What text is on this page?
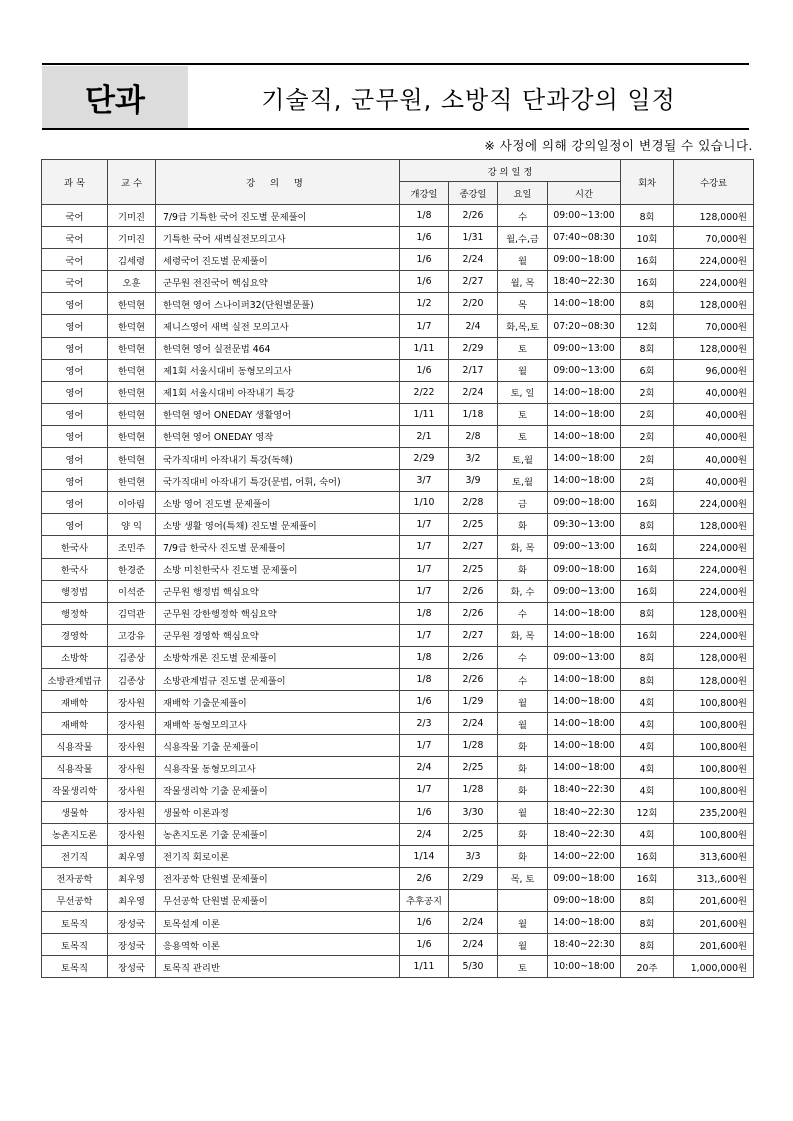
단과	기술직, 군무원, 소방직 단과강의 일정
※ 사정에 의해 강의일정이 변경될 수 있습니다.
과 목	교 수	강 의 명	강 의 일 정				회차	수강료
			개강일	종강일	요일	시간		
국어	기미진	7/9급 기특한 국어 진도별 문제풀이	1/8	2/26	수	09:00~13:00	8회	128,000원
국어	기미진	기특한 국어 새벽실전모의고사	1/6	1/31	월,수,금	07:40~08:30	10회	70,000원
국어	김세령	세령국어 진도별 문제풀이	1/6	2/24	월	09:00~18:00	16회	224,000원
국어	오훈	군무원 전진국어 핵심요약	1/6	2/27	월, 목	18:40~22:30	16회	224,000원
영어	한덕현	한덕현 영어 스나이퍼32(단원별문풀)	1/2	2/20	목	14:00~18:00	8회	128,000원
영어	한덕현	제니스영어 새벽 실전 모의고사	1/7	2/4	화,목,토	07:20~08:30	12회	70,000원
영어	한덕현	한덕현 영어 실전문법 464	1/11	2/29	토	09:00~13:00	8회	128,000원
영어	한덕현	제1회 서울시대비 동형모의고사	1/6	2/17	월	09:00~13:00	6회	96,000원
영어	한덕현	제1회 서울시대비 아작내기 특강	2/22	2/24	토, 일	14:00~18:00	2회	40,000원
영어	한덕현	한덕현 영어 ONEDAY 생활영어	1/11	1/18	토	14:00~18:00	2회	40,000원
영어	한덕현	한덕현 영어 ONEDAY 영작	2/1	2/8	토	14:00~18:00	2회	40,000원
영어	한덕현	국가직대비 아작내기 특강(독해)	2/29	3/2	토,월	14:00~18:00	2회	40,000원
영어	한덕현	국가직대비 아작내기 특강(문법, 어휘, 숙어)	3/7	3/9	토,월	14:00~18:00	2회	40,000원
영어	이아림	소방 영어 진도별 문제풀이	1/10	2/28	금	09:00~18:00	16회	224,000원
영어	양 익	소방 생활 영어(특채) 진도별 문제풀이	1/7	2/25	화	09:30~13:00	8회	128,000원
한국사	조민주	7/9급 한국사 진도별 문제풀이	1/7	2/27	화, 목	09:00~13:00	16회	224,000원
한국사	한경준	소방 미친한국사 진도별 문제풀이	1/7	2/25	화	09:00~18:00	16회	224,000원
행정법	이석준	군무원 행정법 핵심요약	1/7	2/26	화, 수	09:00~13:00	16회	224,000원
행정학	김덕관	군무원 강한행정학 핵심요약	1/8	2/26	수	14:00~18:00	8회	128,000원
경영학	고강유	군무원 경영학 핵심요약	1/7	2/27	화, 목	14:00~18:00	16회	224,000원
소방학	김종상	소방학개론 진도별 문제풀이	1/8	2/26	수	09:00~13:00	8회	128,000원
소방관계법규	김종상	소방관계법규 진도별 문제풀이	1/8	2/26	수	14:00~18:00	8회	128,000원
재배학	장사원	재배학 기출문제풀이	1/6	1/29	월	14:00~18:00	4회	100,800원
재배학	장사원	재배학 동형모의고사	2/3	2/24	월	14:00~18:00	4회	100,800원
식용작물	장사원	식용작물 기출 문제풀이	1/7	1/28	화	14:00~18:00	4회	100,800원
식용작물	장사원	식용작물 동형모의고사	2/4	2/25	화	14:00~18:00	4회	100,800원
작물생리학	장사원	작물생리학 기출 문제풀이	1/7	1/28	화	18:40~22:30	4회	100,800원
생물학	장사원	생물학 이론과정	1/6	3/30	월	18:40~22:30	12회	235,200원
농촌지도론	장사원	농촌지도론 기출 문제풀이	2/4	2/25	화	18:40~22:30	4회	100,800원
전기직	최우영	전기직 회로이론	1/14	3/3	화	14:00~22:00	16회	313,600원
전자공학	최우영	전자공학 단원별 문제풀이	2/6	2/29	목, 토	09:00~18:00	16회	313,,600원
무선공학	최우영	무선공학 단원별 문제풀이	추후공지			09:00~18:00	8회	201,600원
토목직	장성국	토목설계 이론	1/6	2/24	월	14:00~18:00	8회	201,600원
토목직	장성국	응용역학 이론	1/6	2/24	월	18:40~22:30	8회	201,600원
토목직	장성국	토목직 관리반	1/11	5/30	토	10:00~18:00	20주	1,000,000원
